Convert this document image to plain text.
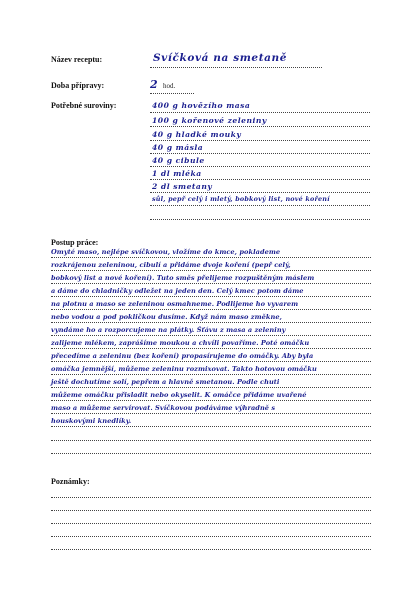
Název receptu:	Svíčková na smetaně
Doba přípravy:	2 hod.
Potřebné suroviny:	400 g hovězího masa
100 g kořenové zeleniny
40 g hladké mouky
40 g másla
40 g cibule
1 dl mléka
2 dl smetany
sůl, pepř celý i mletý, bobkový list, nové koření
Postup práce:
Omyté maso, nejlépe svíčkovou, vložíme do kmce, poklademe
rozkrájenou zeleninou, cibulí a přidáme dvoje koření (pepř celý,
bobkový list a nové koření). Tuto směs přelijeme rozpuštěným máslem
a dáme do chladničky odležet na jeden den. Celý kmec potom dáme
na plotnu a maso se zeleninou osmahneme. Podlijeme ho vyvarem
nebo vodou a pod pokličkou dusíme. Když nám maso změkne,
vyndáme ho a rozporcujeme na plátky. Šťávu z masa a zeleniny
zalijeme mlékem, zaprášíme moukou a chvíli povaříme. Poté omáčku
přecedíme a zeleninu (bez koření) propasírujeme do omáčky. Aby byla
omáčka jemnější, můžeme zeleninu rozmixovat. Takto hotovou omáčku
ještě dochutíme solí, pepřem a hlavně smetanou. Podle chuti
můžeme omáčku přisladit nebo okyselit. K omáčce přidáme uvařené
maso a můžeme servírovat. Svíčkovou podáváme výhradně s
houskovými knedlíky.
Poznámky:
